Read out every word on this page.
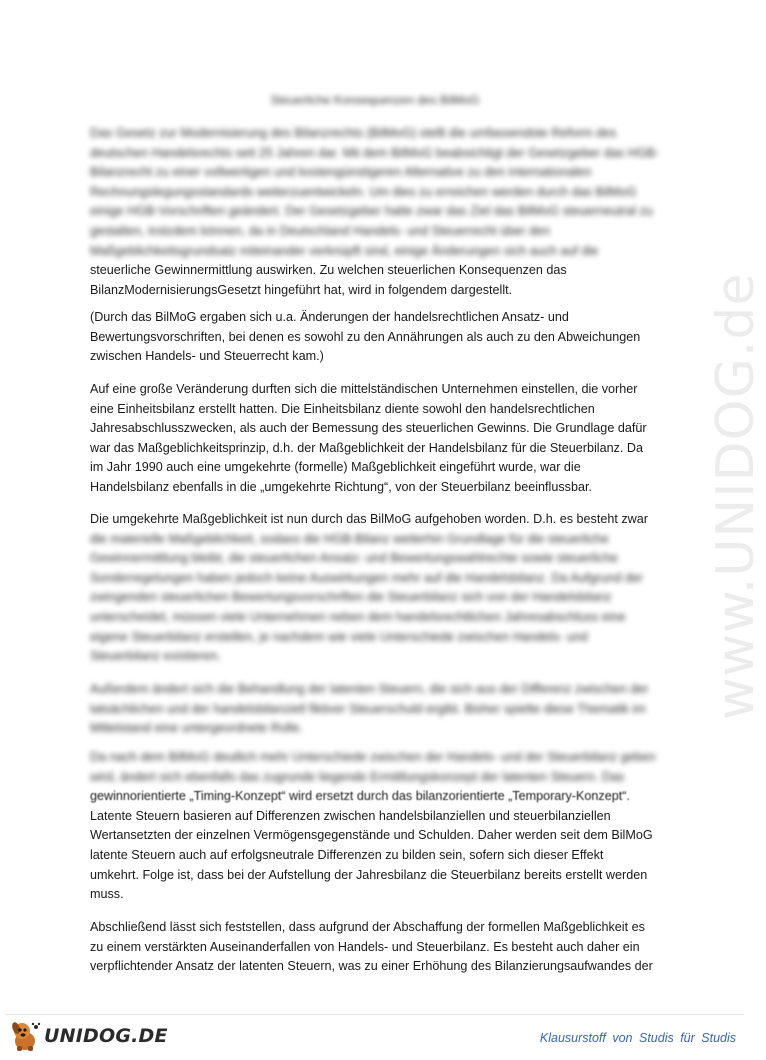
Steuerliche Konsequenzen des BilMoG
Das Gesetz zur Modernisierung des Bilanzrechts (BilMoG) stellt die umfassendste Reform des
deutschen Handelsrechts seit 25 Jahren dar. Mit dem BilMoG beabsichtigt der Gesetzgeber das HGB-
Bilanzrecht zu einer vollwertigen und kostengünstigeren Alternative zu den internationalen
Rechnungslegungsstandards weiterzuentwickeln. Um dies zu erreichen werden durch das BilMoG
einige HGB-Vorschriften geändert. Der Gesetzgeber hatte zwar das Ziel das BilMoG steuerneutral zu
gestalten, trotzdem können, da in Deutschland Handels- und Steuerrecht über den
Maßgeblichkeitsgrundsatz miteinander verknüpft sind, einige Änderungen sich auch auf die
steuerliche Gewinnermittlung auswirken. Zu welchen steuerlichen Konsequenzen das
BilanzModernisierungsGesetzt hingeführt hat, wird in folgendem dargestellt.
(Durch das BilMoG ergaben sich u.a. Änderungen der handelsrechtlichen Ansatz- und
Bewertungsvorschriften, bei denen es sowohl zu den Annährungen als auch zu den Abweichungen
zwischen Handels- und Steuerrecht kam.)
Auf eine große Veränderung durften sich die mittelständischen Unternehmen einstellen, die vorher
eine Einheitsbilanz erstellt hatten. Die Einheitsbilanz diente sowohl den handelsrechtlichen
Jahresabschlusszwecken, als auch der Bemessung des steuerlichen Gewinns. Die Grundlage dafür
war das Maßgeblichkeitsprinzip, d.h. der Maßgeblichkeit der Handelsbilanz für die Steuerbilanz. Da
im Jahr 1990 auch eine umgekehrte (formelle) Maßgeblichkeit eingeführt wurde, war die
Handelsbilanz ebenfalls in die „umgekehrte Richtung“, von der Steuerbilanz beeinflussbar.
Die umgekehrte Maßgeblichkeit ist nun durch das BilMoG aufgehoben worden. D.h. es besteht zwar
die materielle Maßgeblichkeit, sodass die HGB-Bilanz weiterhin Grundlage für die steuerliche
Gewinnermittlung bleibt, die steuerlichen Ansatz- und Bewertungswahlrechte sowie steuerliche
Sonderregelungen haben jedoch keine Auswirkungen mehr auf die Handelsbilanz. Da Aufgrund der
zwingenden steuerlichen Bewertungsvorschriften die Steuerbilanz sich von der Handelsbilanz
unterscheidet, müssen viele Unternehmen neben dem handelsrechtlichen Jahresabschluss eine
eigene Steuerbilanz erstellen, je nachdem wie viele Unterschiede zwischen Handels- und
Steuerbilanz existieren.
Außerdem ändert sich die Behandlung der latenten Steuern, die sich aus der Differenz zwischen der
tatsächlichen und der handelsbilanziell fiktiver Steuerschuld ergibt. Bisher spielte diese Thematik im
Mittelstand eine untergeordnete Rolle.
Da nach dem BilMoG deutlich mehr Unterschiede zwischen der Handels- und der Steuerbilanz geben
wird, ändert sich ebenfalls das zugrunde liegende Ermittlungskonzept der latenten Steuern. Das
gewinnorientierte „Timing-Konzept“ wird ersetzt durch das bilanzorientierte „Temporary-Konzept“.
Latente Steuern basieren auf Differenzen zwischen handelsbilanziellen und steuerbilanziellen
Wertansetzten der einzelnen Vermögensgegenstände und Schulden. Daher werden seit dem BilMoG
latente Steuern auch auf erfolgsneutrale Differenzen zu bilden sein, sofern sich dieser Effekt
umkehrt. Folge ist, dass bei der Aufstellung der Jahresbilanz die Steuerbilanz bereits erstellt werden
muss.
Abschließend lässt sich feststellen, dass aufgrund der Abschaffung der formellen Maßgeblichkeit es
zu einem verstärkten Auseinanderfallen von Handels- und Steuerbilanz. Es besteht auch daher ein
verpflichtender Ansatz der latenten Steuern, was zu einer Erhöhung des Bilanzierungsaufwandes der
www.UNIDOG.de
UNIDOG.DE	Klausurstoff von Studis für Studis
